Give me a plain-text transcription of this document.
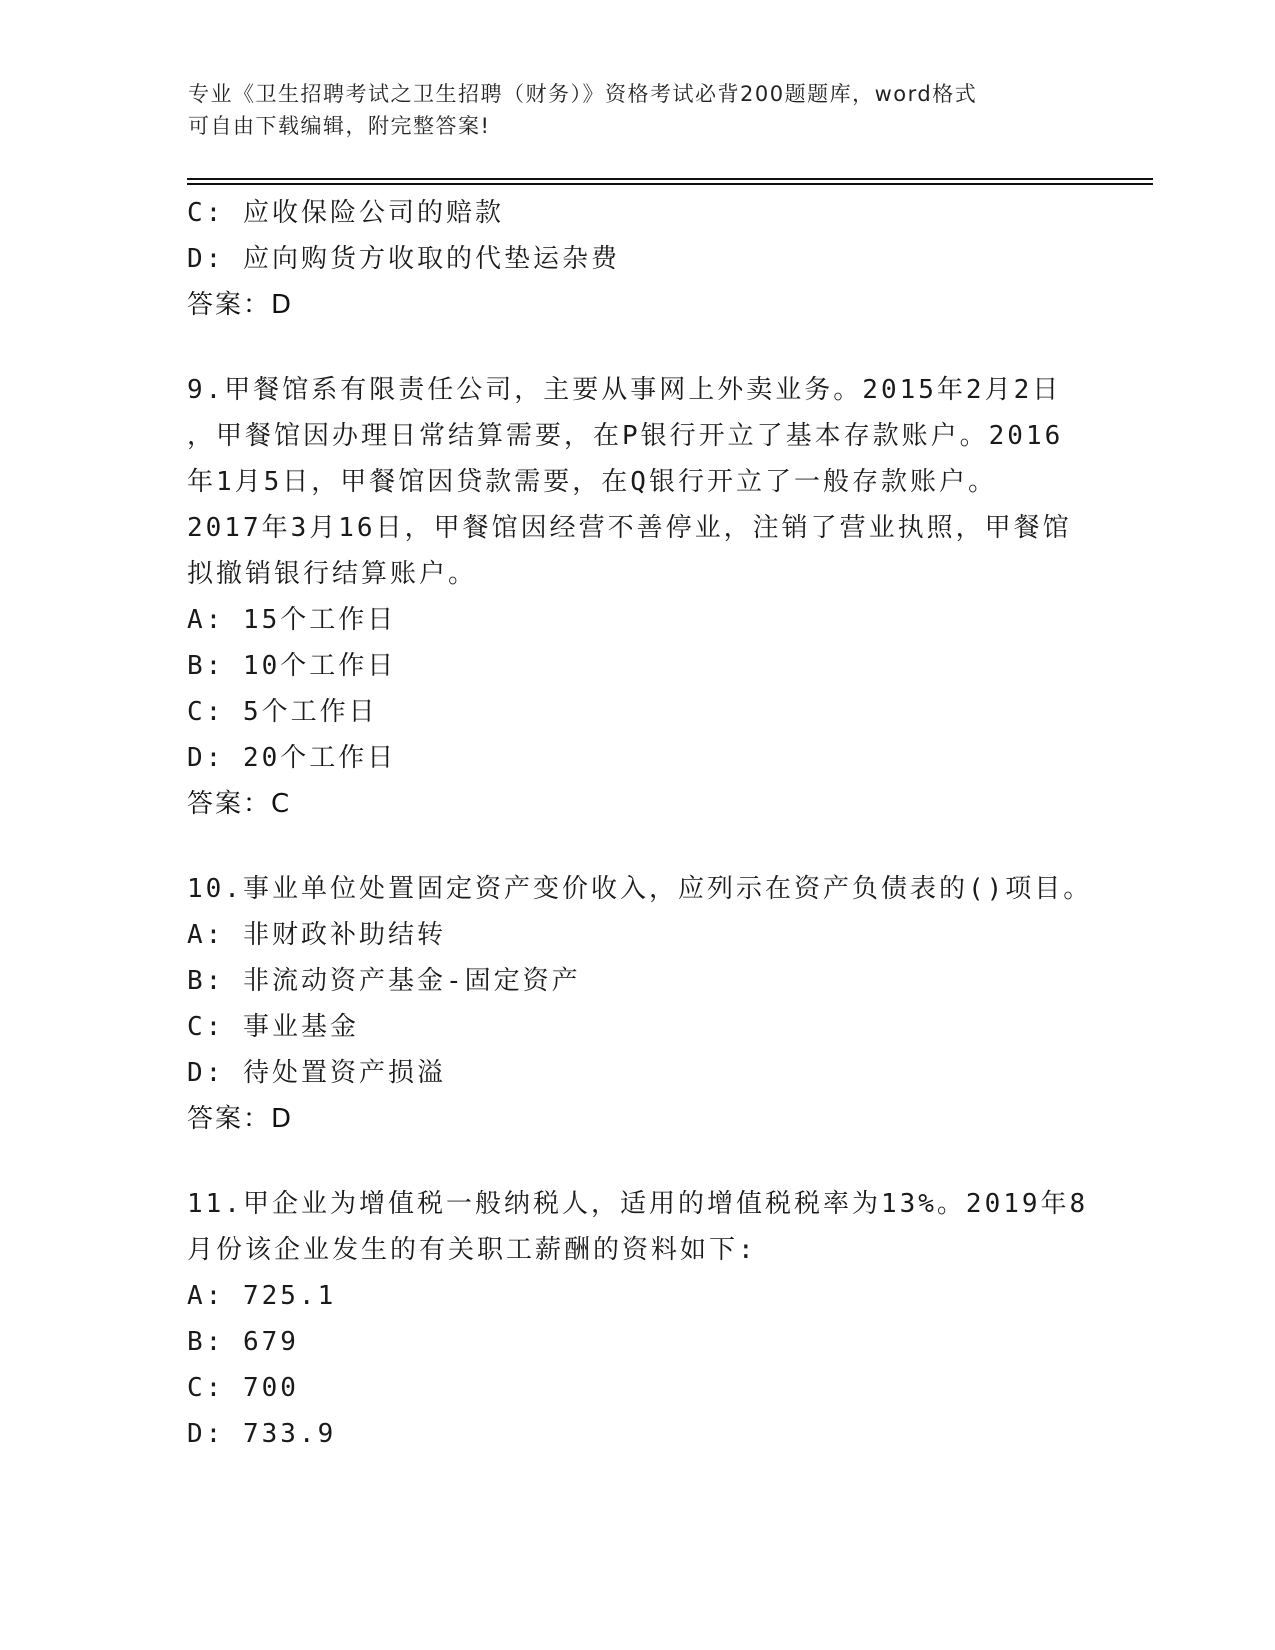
专业《卫生招聘考试之卫生招聘（财务）》资格考试必背200题题库，word格式
可自由下载编辑，附完整答案!
C: 应收保险公司的赔款
D: 应向购货方收取的代垫运杂费
答案：D
9.甲餐馆系有限责任公司，主要从事网上外卖业务。2015年2月2日
，甲餐馆因办理日常结算需要，在P银行开立了基本存款账户。2016
年1月5日，甲餐馆因贷款需要，在Q银行开立了一般存款账户。
2017年3月16日，甲餐馆因经营不善停业，注销了营业执照，甲餐馆
拟撤销银行结算账户。
A: 15个工作日
B: 10个工作日
C: 5个工作日
D: 20个工作日
答案：C
10.事业单位处置固定资产变价收入，应列示在资产负债表的()项目。
A: 非财政补助结转
B: 非流动资产基金-固定资产
C: 事业基金
D: 待处置资产损溢
答案：D
11.甲企业为增值税一般纳税人，适用的增值税税率为13%。2019年8
月份该企业发生的有关职工薪酬的资料如下:
A: 725.1
B: 679
C: 700
D: 733.9
